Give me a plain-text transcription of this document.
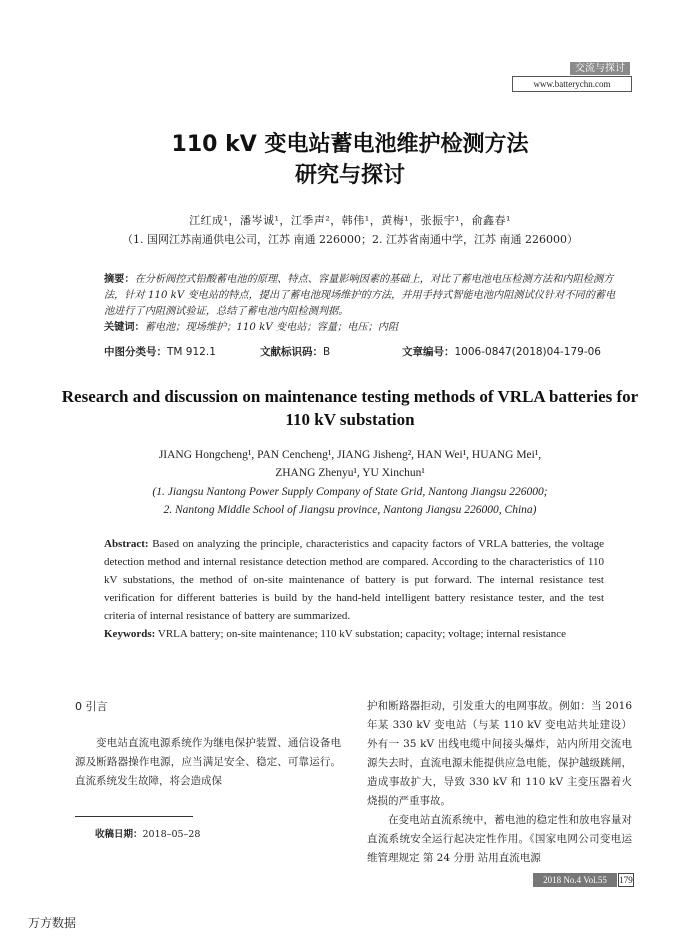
交流与探讨
www.batterychn.com
110 kV 变电站蓄电池维护检测方法
研究与探讨
江红成¹，潘岑诚¹，江季声²，韩伟¹，黄梅¹，张振宇¹，俞鑫春¹
（1. 国网江苏南通供电公司，江苏 南通 226000；2. 江苏省南通中学，江苏 南通 226000）
摘要：在分析阀控式铅酸蓄电池的原理、特点、容量影响因素的基础上，对比了蓄电池电压检测方法和内阻检测方法，针对 110 kV 变电站的特点，提出了蓄电池现场维护的方法，并用手持式智能电池内阻测试仪针对不同的蓄电池进行了内阻测试验证，总结了蓄电池内阻检测判据。
关键词：蓄电池；现场维护；110 kV 变电站；容量；电压；内阻
中图分类号：TM 912.1	文献标识码：B	文章编号：1006-0847(2018)04-179-06
Research and discussion on maintenance testing methods of VRLA batteries for 110 kV substation
JIANG Hongcheng¹, PAN Cencheng¹, JIANG Jisheng², HAN Wei¹, HUANG Mei¹,
ZHANG Zhenyu¹, YU Xinchun¹
(1. Jiangsu Nantong Power Supply Company of State Grid, Nantong Jiangsu 226000;
2. Nantong Middle School of Jiangsu province, Nantong Jiangsu 226000, China)
Abstract: Based on analyzing the principle, characteristics and capacity factors of VRLA batteries, the voltage detection method and internal resistance detection method are compared. According to the characteristics of 110 kV substations, the method of on-site maintenance of battery is put forward. The internal resistance test verification for different batteries is build by the hand-held intelligent battery resistance tester, and the test criteria of internal resistance of battery are summarized.
Keywords: VRLA battery; on-site maintenance; 110 kV substation; capacity; voltage; internal resistance
0 引言
变电站直流电源系统作为继电保护装置、通信设备电源及断路器操作电源，应当满足安全、稳定、可靠运行。直流系统发生故障，将会造成保
收稿日期：2018–05–28
护和断路器拒动，引发重大的电网事故。例如：当 2016 年某 330 kV 变电站（与某 110 kV 变电站共址建设）外有一 35 kV 出线电缆中间接头爆炸，站内所用交流电源失去时，直流电源未能提供应急电能，保护越级跳闸，造成事故扩大，导致 330 kV 和 110 kV 主变压器着火烧损的严重事故。
在变电站直流系统中，蓄电池的稳定性和放电容量对直流系统安全运行起决定性作用。《国家电网公司变电运维管理规定 第 24 分册 站用直流电源
2018 No.4 Vol.55	179
万方数据
